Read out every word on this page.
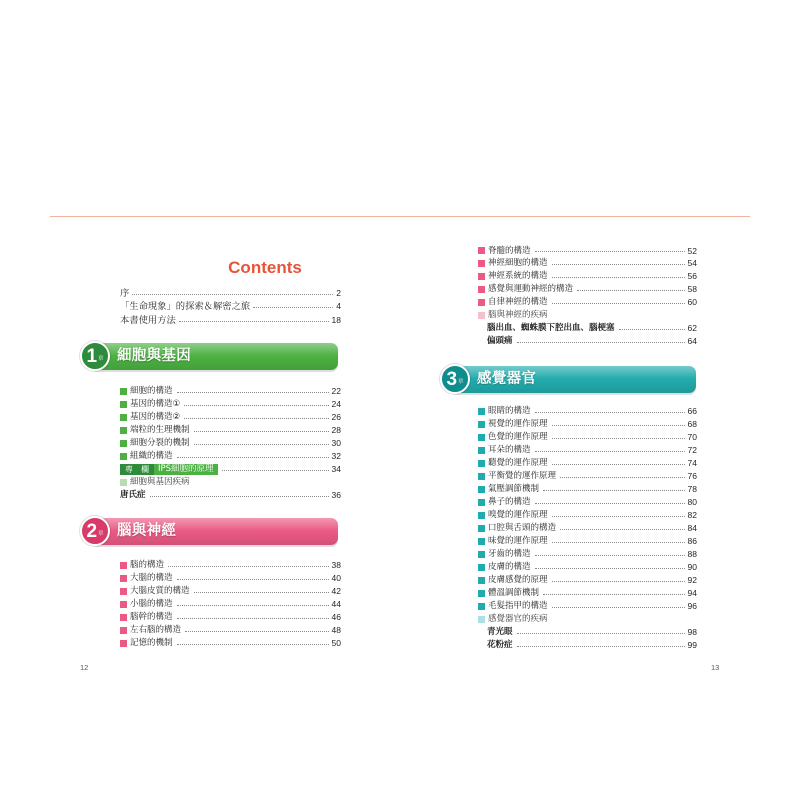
Contents
序	2
「生命現象」的探索＆解密之旅	4
本書使用方法	18
1 章 細胞與基因
細胞的構造	22
基因的構造①	24
基因的構造②	26
端粒的生理機制	28
細胞分裂的機制	30
組織的構造	32
專　欄	IPS細胞的原理	34
細胞與基因疾病
唐氏症	36
2 章 腦與神經
腦的構造	38
大腦的構造	40
大腦皮質的構造	42
小腦的構造	44
腦幹的構造	46
左右腦的構造	48
記憶的機制	50
12
脊髓的構造	52
神經細胞的構造	54
神經系統的構造	56
感覺與運動神經的構造	58
自律神經的構造	60
腦與神經的疾病
腦出血、蜘蛛膜下腔出血、腦梗塞	62
偏頭痛	64
3 章 感覺器官
眼睛的構造	66
視覺的運作原理	68
色覺的運作原理	70
耳朵的構造	72
聽覺的運作原理	74
平衡覺的運作原理	76
氣壓調節機制	78
鼻子的構造	80
嗅覺的運作原理	82
口腔與舌頭的構造	84
味覺的運作原理	86
牙齒的構造	88
皮膚的構造	90
皮膚感覺的原理	92
體溫調節機制	94
毛髮指甲的構造	96
感覺器官的疾病
青光眼	98
花粉症	99
13
